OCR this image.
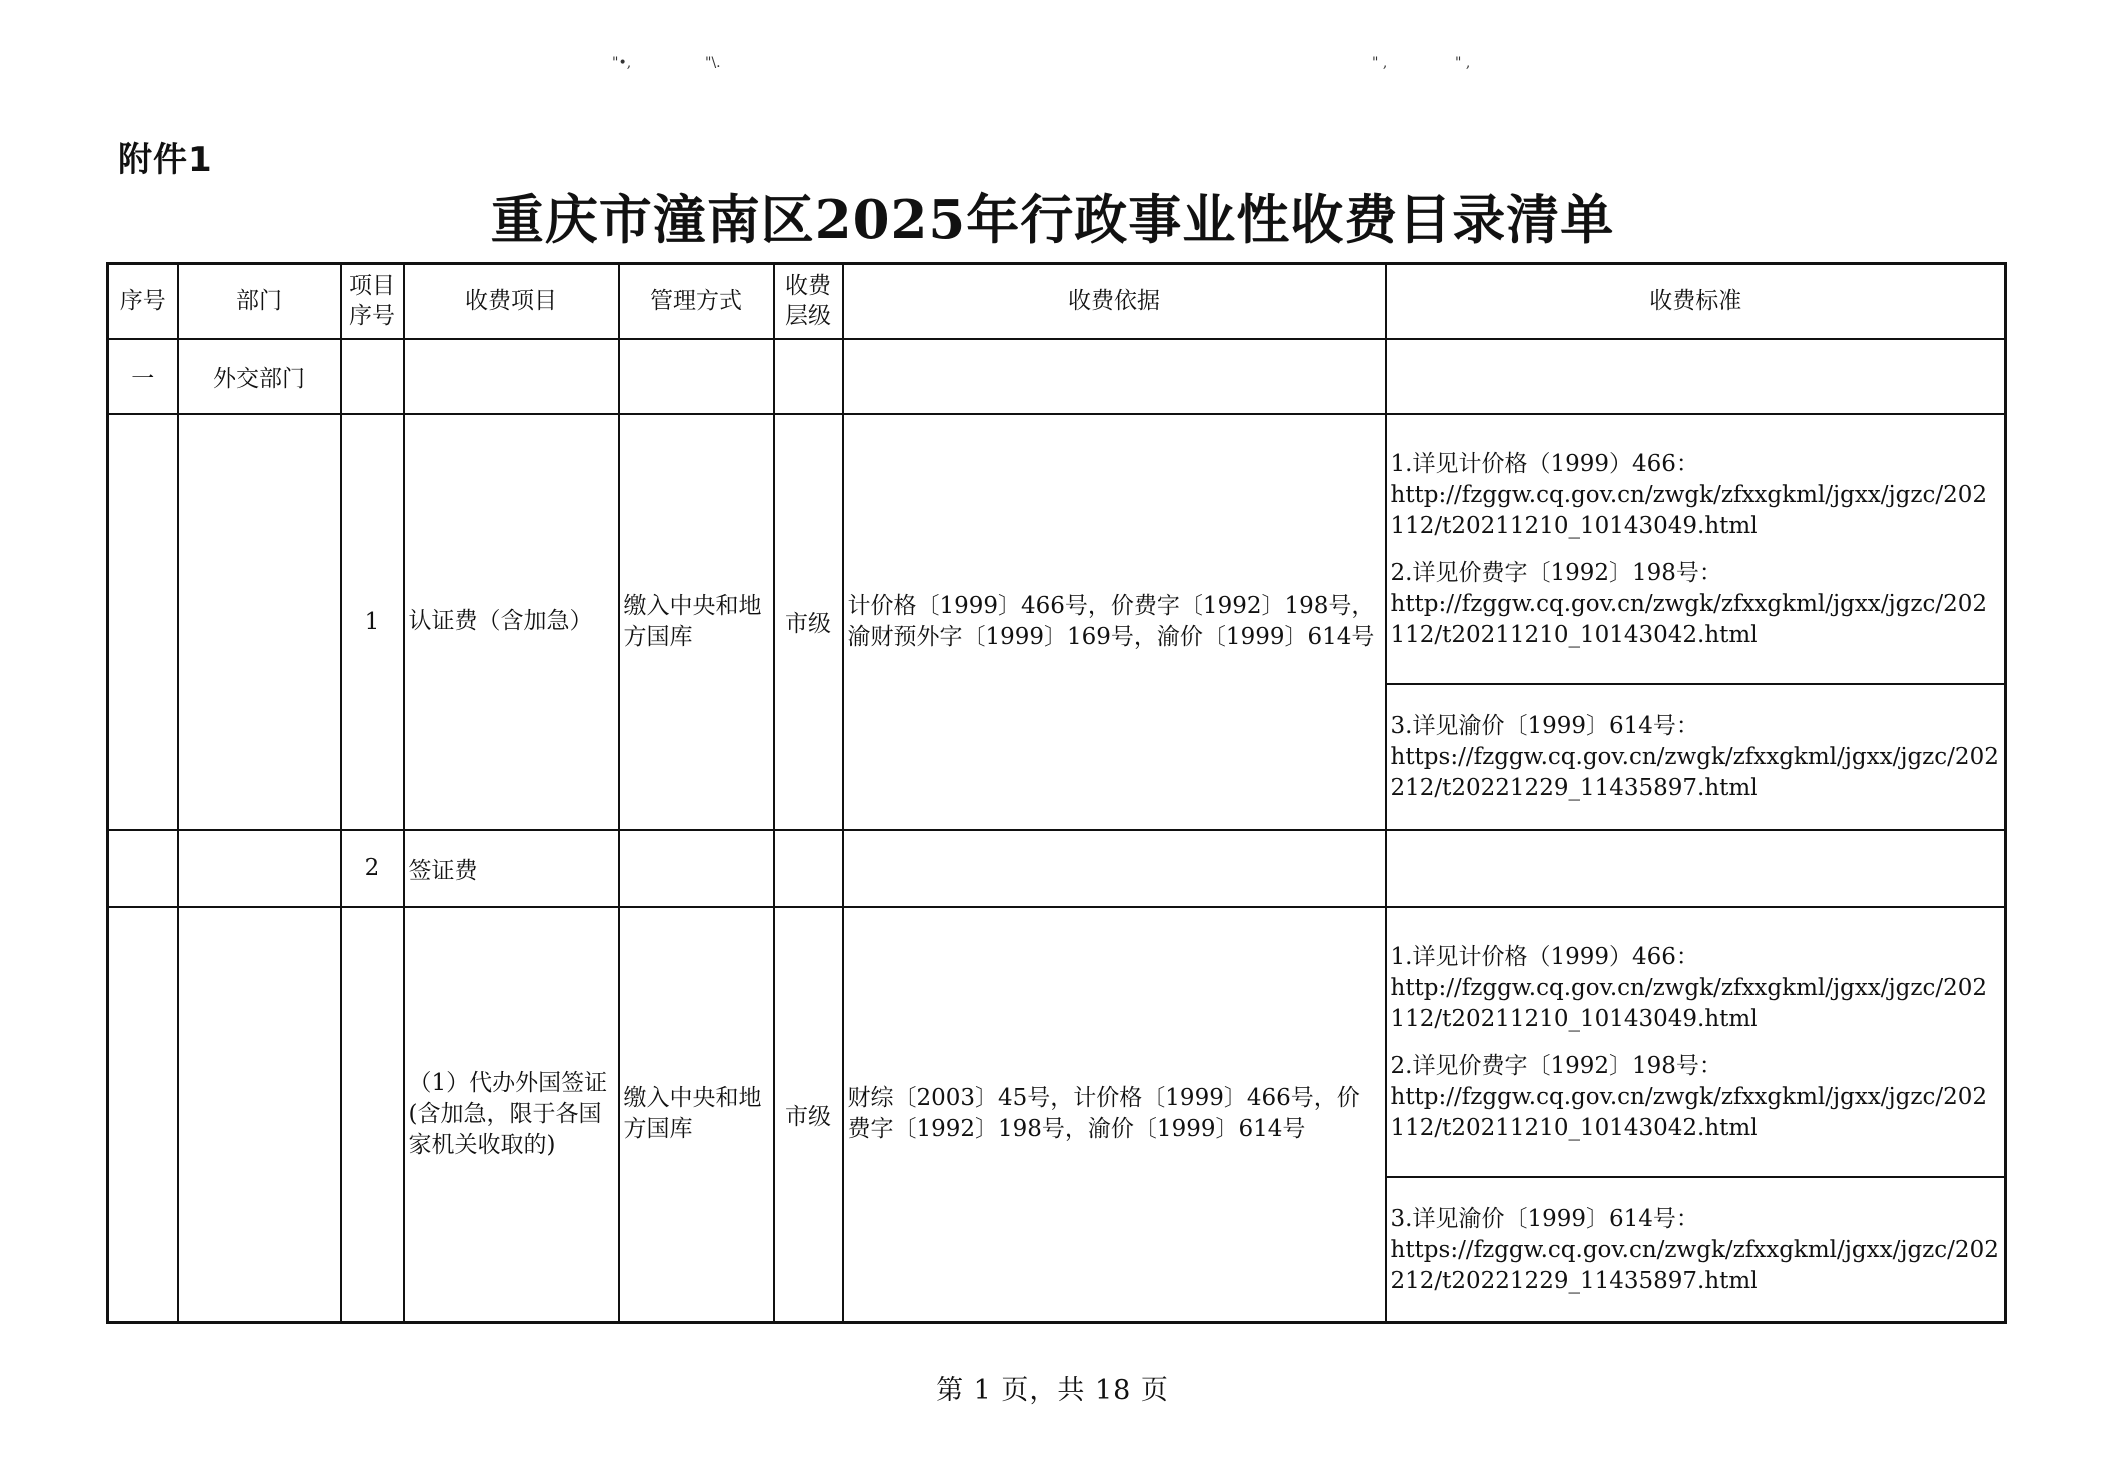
"•,	"\.	" ,	" ,
附件1
重庆市潼南区2025年行政事业性收费目录清单
序号	部门	项目序号	收费项目	管理方式	收费层级	收费依据	收费标准
一	外交部门						
		1	认证费（含加急）	缴入中央和地方国库	市级	计价格〔1999〕466号，价费字〔1992〕198号，渝财预外字〔1999〕169号，渝价〔1999〕614号	1.详见计价格（1999）466：
http://fzggw.cq.gov.cn/zwgk/zfxxgkml/jgxx/jgzc/202112/t20211210_10143049.html
2.详见价费字〔1992〕198号：
http://fzggw.cq.gov.cn/zwgk/zfxxgkml/jgxx/jgzc/202112/t20211210_10143042.html

							3.详见渝价〔1999〕614号：
https://fzggw.cq.gov.cn/zwgk/zfxxgkml/jgxx/jgzc/202212/t20221229_11435897.html

		2	签证费				
			（1）代办外国签证(含加急，限于各国家机关收取的)	缴入中央和地方国库	市级	财综〔2003〕45号，计价格〔1999〕466号，价费字〔1992〕198号，渝价〔1999〕614号	1.详见计价格（1999）466：
http://fzggw.cq.gov.cn/zwgk/zfxxgkml/jgxx/jgzc/202112/t20211210_10143049.html
2.详见价费字〔1992〕198号：
http://fzggw.cq.gov.cn/zwgk/zfxxgkml/jgxx/jgzc/202112/t20211210_10143042.html

							3.详见渝价〔1999〕614号：
https://fzggw.cq.gov.cn/zwgk/zfxxgkml/jgxx/jgzc/202212/t20221229_11435897.html
第 1 页，共 18 页
